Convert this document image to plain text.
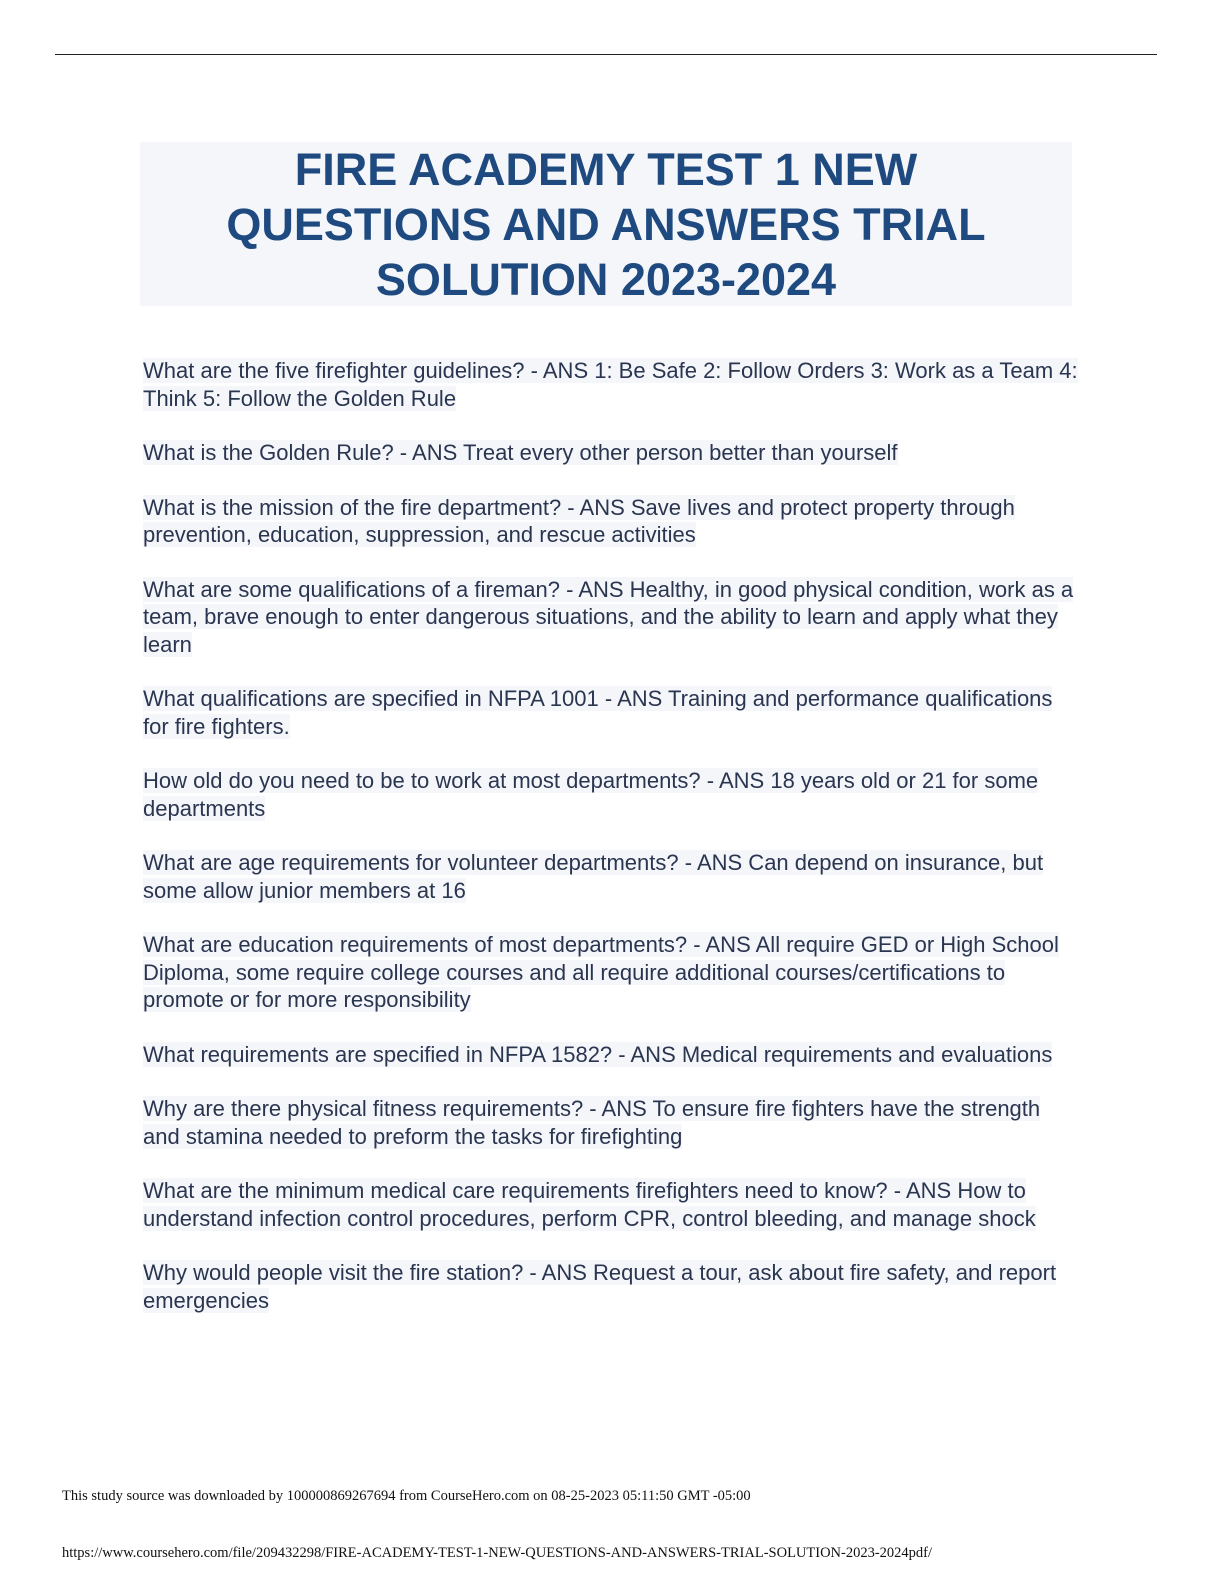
FIRE ACADEMY TEST 1 NEW QUESTIONS AND ANSWERS TRIAL SOLUTION 2023-2024
What are the five firefighter guidelines? - ANS 1: Be Safe 2: Follow Orders 3: Work as a Team 4: Think 5: Follow the Golden Rule
What is the Golden Rule? - ANS Treat every other person better than yourself
What is the mission of the fire department? - ANS Save lives and protect property through prevention, education, suppression, and rescue activities
What are some qualifications of a fireman? - ANS Healthy, in good physical condition, work as a team, brave enough to enter dangerous situations, and the ability to learn and apply what they learn
What qualifications are specified in NFPA 1001 - ANS Training and performance qualifications for fire fighters.
How old do you need to be to work at most departments? - ANS 18 years old or 21 for some departments
What are age requirements for volunteer departments? - ANS Can depend on insurance, but some allow junior members at 16
What are education requirements of most departments? - ANS All require GED or High School Diploma, some require college courses and all require additional courses/certifications to promote or for more responsibility
What requirements are specified in NFPA 1582? - ANS Medical requirements and evaluations
Why are there physical fitness requirements? - ANS To ensure fire fighters have the strength and stamina needed to preform the tasks for firefighting
What are the minimum medical care requirements firefighters need to know? - ANS How to understand infection control procedures, perform CPR, control bleeding, and manage shock
Why would people visit the fire station? - ANS Request a tour, ask about fire safety, and report emergencies
This study source was downloaded by 100000869267694 from CourseHero.com on 08-25-2023 05:11:50 GMT -05:00
https://www.coursehero.com/file/209432298/FIRE-ACADEMY-TEST-1-NEW-QUESTIONS-AND-ANSWERS-TRIAL-SOLUTION-2023-2024pdf/
